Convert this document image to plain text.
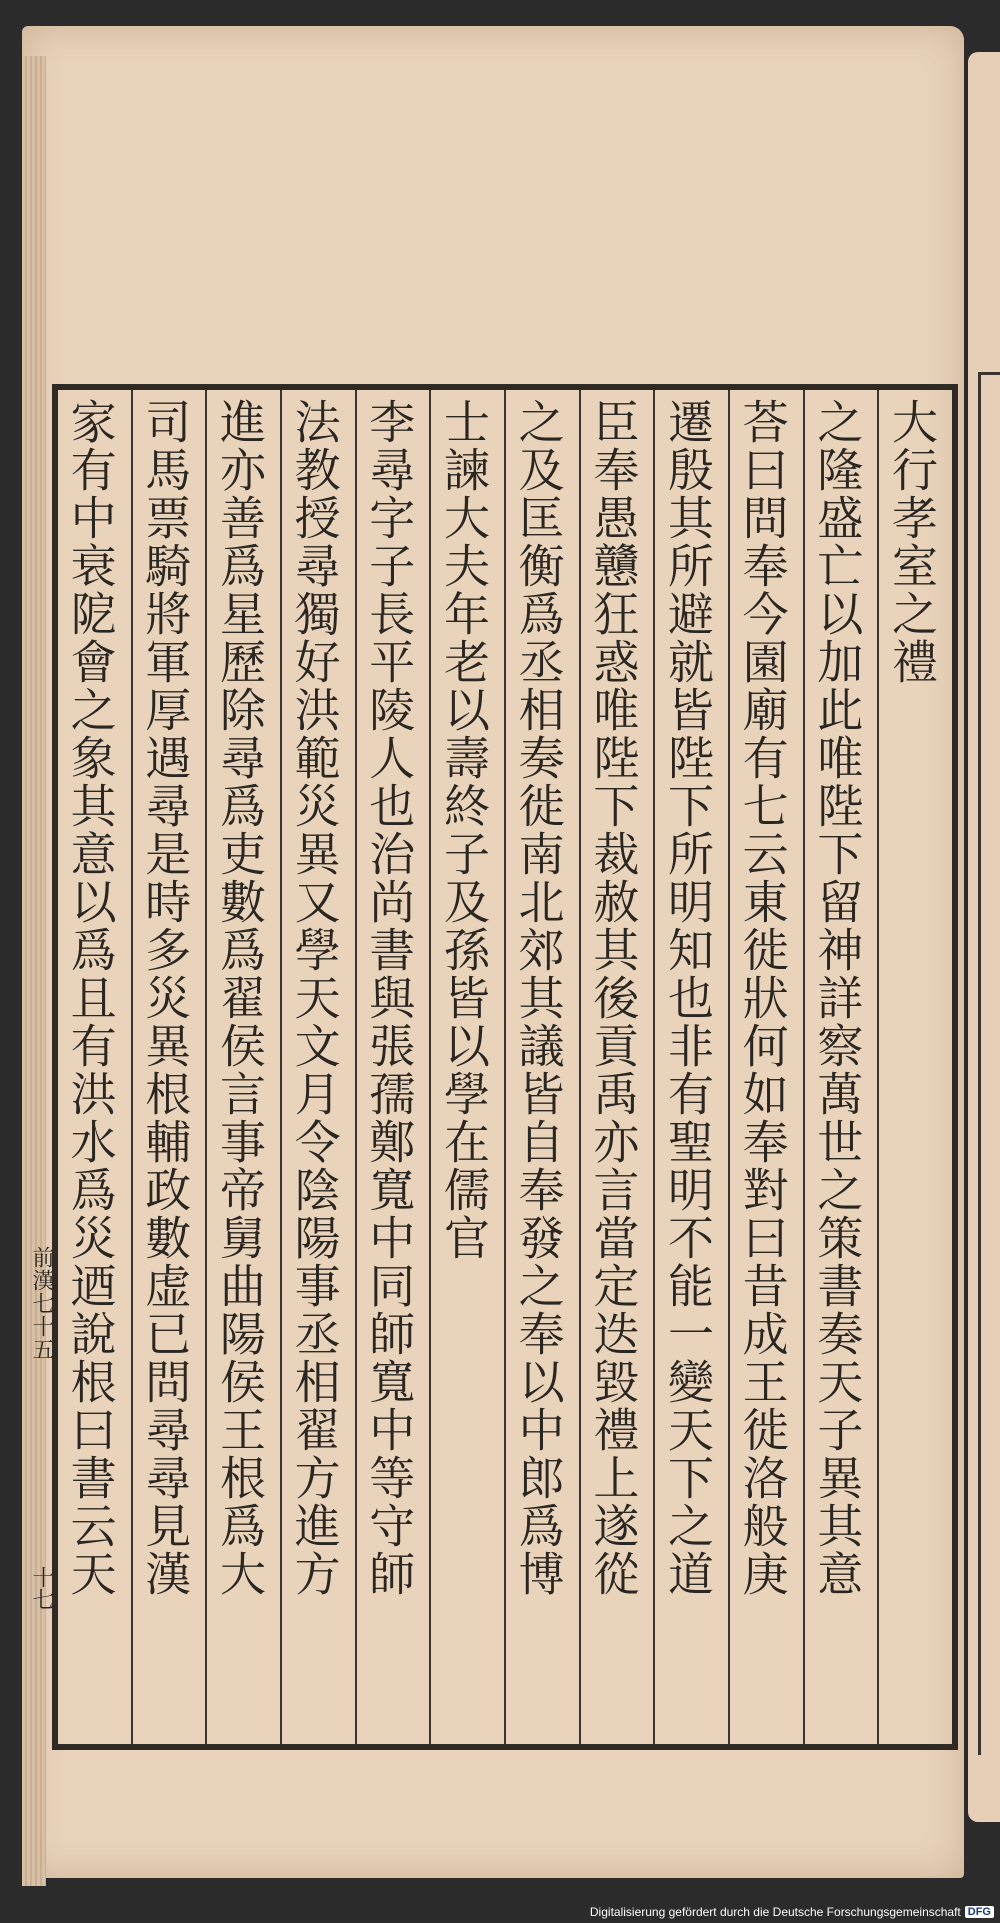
前漢七十五
十七
大行孝室之禮
之隆盛亡以加此唯陛下留神詳察萬世之策書奏天子異其意
荅曰問奉今園廟有七云東徙狀何如奉對曰昔成王徙洛般庚
遷殷其所避就皆陛下所明知也非有聖明不能一變天下之道
臣奉愚戇狂惑唯陛下裁赦其後貢禹亦言當定迭毀禮上遂從
之及匡衡爲丞相奏徙南北郊其議皆自奉發之奉以中郎爲博
士諫大夫年老以壽終子及孫皆以學在儒官
李尋字子長平陵人也治尚書與張孺鄭寬中同師寬中等守師
法教授尋獨好洪範災異又學天文月令陰陽事丞相翟方進方
進亦善爲星歷除尋爲吏數爲翟侯言事帝舅曲陽侯王根爲大
司馬票騎將軍厚遇尋是時多災異根輔政數虚已問尋尋見漢
家有中衰阸會之象其意以爲且有洪水爲災迺說根曰書云天
Digitalisierung gefördert durch die Deutsche Forschungsgemeinschaft DFG
